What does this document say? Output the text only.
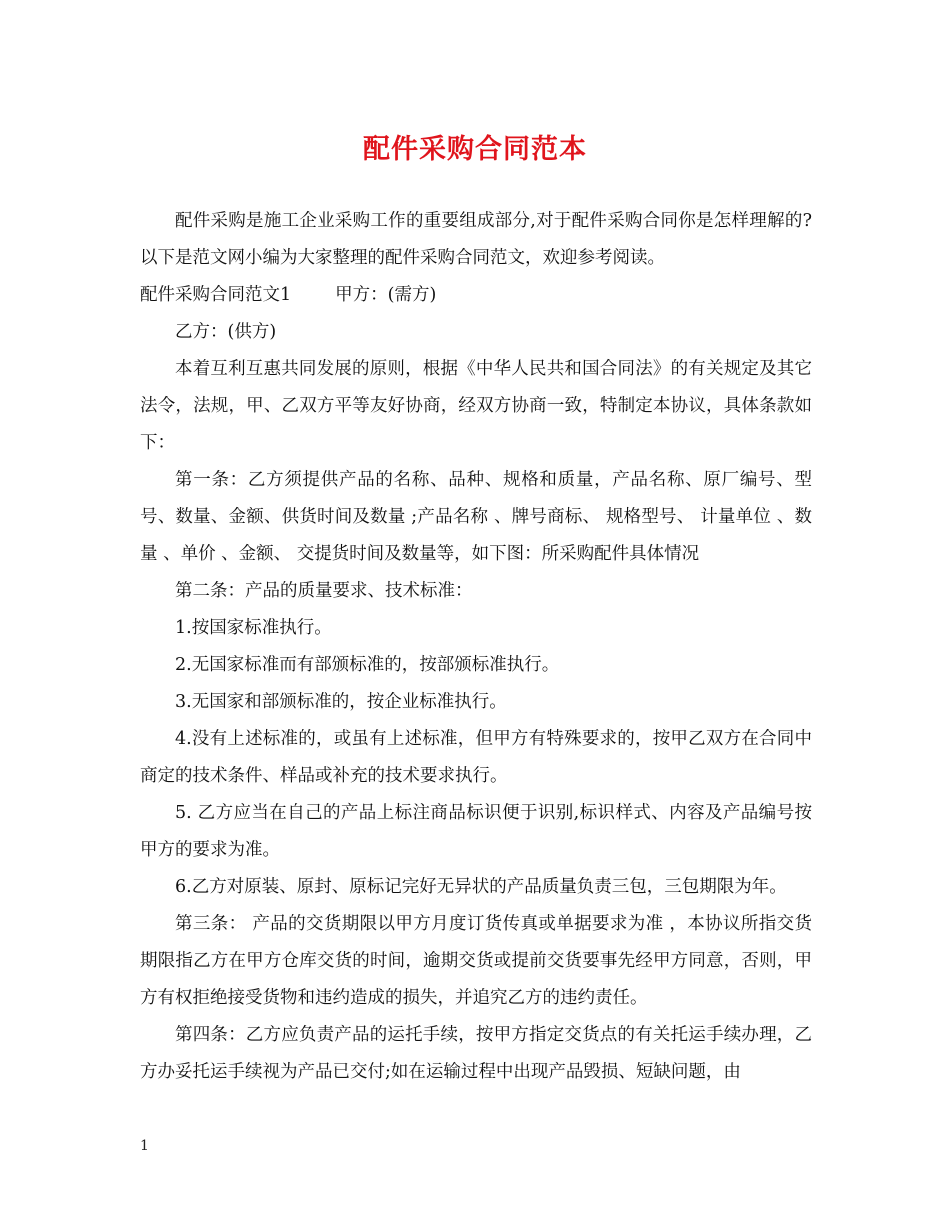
配件采购合同范本

配件采购是施工企业采购工作的重要组成部分,对于配件采购合同你是怎样理解的?以下是范文网小编为大家整理的配件采购合同范文，欢迎参考阅读。

配件采购合同范文1	甲方：(需方)

乙方：(供方)

本着互利互惠共同发展的原则，根据《中华人民共和国合同法》的有关规定及其它法令，法规，甲、乙双方平等友好协商，经双方协商一致，特制定本协议，具体条款如下：

第一条：乙方须提供产品的名称、品种、规格和质量，产品名称、原厂编号、型号、数量、金额、供货时间及数量 ;产品名称 、牌号商标、 规格型号、 计量单位 、数量 、单价 、金额、 交提货时间及数量等，如下图：所采购配件具体情况

第二条：产品的质量要求、技术标准：

1.按国家标准执行。

2.无国家标准而有部颁标准的，按部颁标准执行。

3.无国家和部颁标准的，按企业标准执行。

4.没有上述标准的，或虽有上述标准，但甲方有特殊要求的，按甲乙双方在合同中商定的技术条件、样品或补充的技术要求执行。

5. 乙方应当在自己的产品上标注商品标识便于识别,标识样式、内容及产品编号按甲方的要求为准。

6.乙方对原装、原封、原标记完好无异状的产品质量负责三包，三包期限为年。

第三条： 产品的交货期限以甲方月度订货传真或单据要求为准 ，本协议所指交货期限指乙方在甲方仓库交货的时间，逾期交货或提前交货要事先经甲方同意，否则，甲方有权拒绝接受货物和违约造成的损失，并追究乙方的违约责任。

第四条：乙方应负责产品的运托手续，按甲方指定交货点的有关托运手续办理，乙方办妥托运手续视为产品已交付;如在运输过程中出现产品毁损、短缺问题，由

1
